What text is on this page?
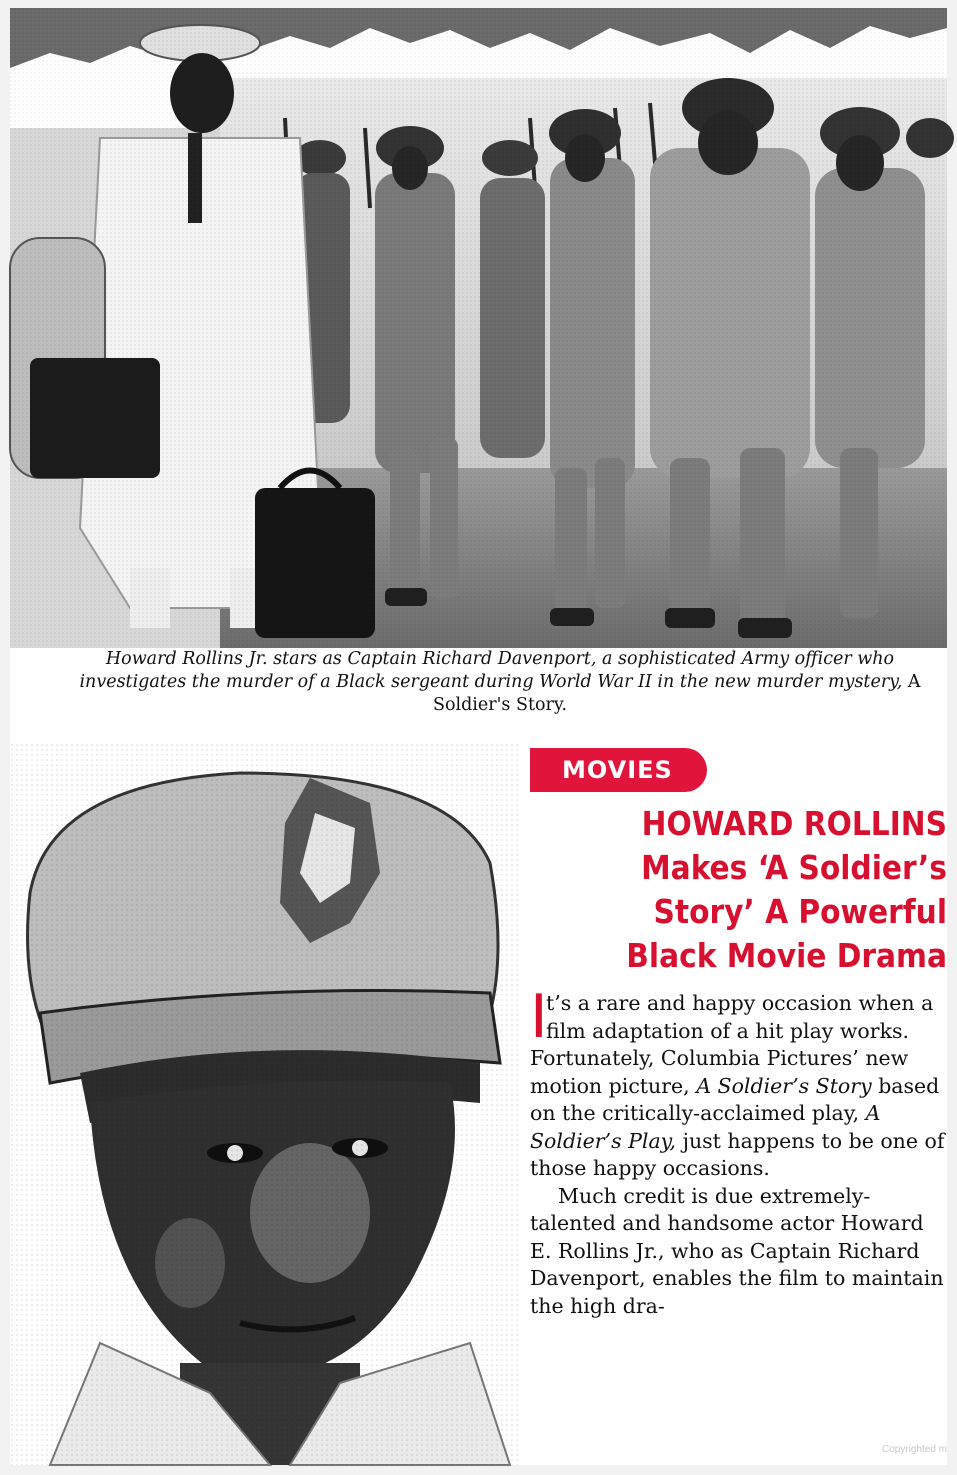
Howard Rollins Jr. stars as Captain Richard Davenport, a sophisticated Army officer who investigates the murder of a Black sergeant during World War II in the new murder mystery, A Soldier's Story.
MOVIES
HOWARD ROLLINS
Makes ‘A Soldier’s
Story’ A Powerful
Black Movie Drama

I
t’s a rare and happy occasion when a film adaptation of a hit play works. Fortunately, Columbia Pictures’ new motion picture, A Soldier’s Story based on the critically-acclaimed play, A Soldier’s Play, just happens to be one of those happy occasions.

Much credit is due extremely-talented and handsome actor Howard E. Rollins Jr., who as Captain Richard Davenport, enables the film to maintain the high dra-

Copyrighted m
